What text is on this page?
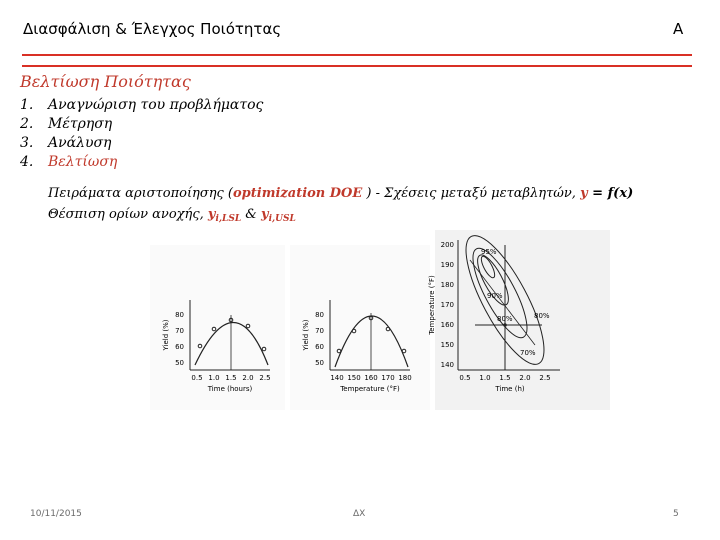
Διασφάλιση & Έλεγχος Ποιότητας	Α
Βελτίωση Ποιότητας
1.	Αναγνώριση του προβλήματος
2.	Μέτρηση
3.	Ανάλυση
4.	Βελτίωση
Πειράματα αριστοποίησης (optimization DOE ) - Σχέσεις μεταξύ μεταβλητών, y = f(x)
Θέσπιση ορίων ανοχής, $y_{i,LSL}$ & $y_{i,USL}$
Yield (%)
80
70
60
50
0.5 1.0 1.5 2.0 2.5
Time (hours)
Yield (%)
80
70
60
50
140 150 160 170 180
Temperature (°F)
Temperature (°F)
200
190
180
170
160
150
140
0.5 1.0 1.5 2.0 2.5
Time (h)
95%
90%
80%	80%
70%
10/11/2015	ΔΧ	5
